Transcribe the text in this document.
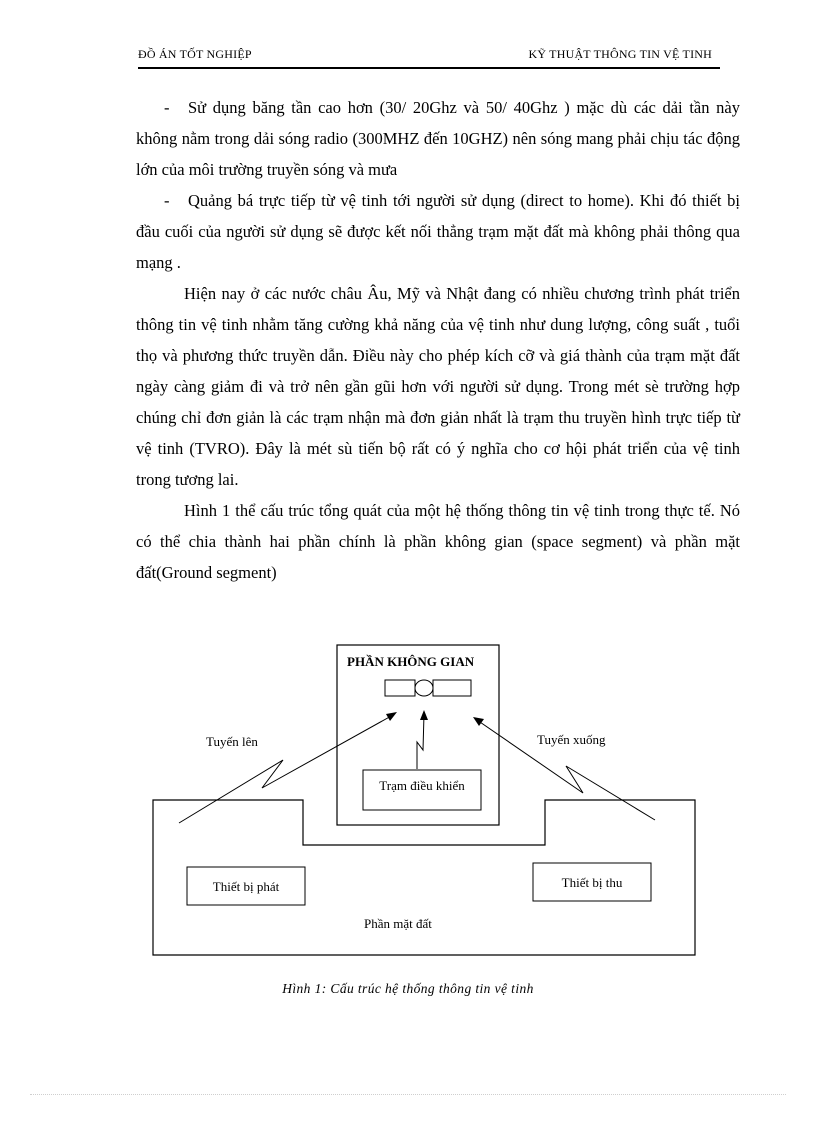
ĐỒ ÁN TỐT NGHIỆP	KỸ THUẬT THÔNG TIN VỆ TINH

- Sử dụng băng tần cao hơn (30/ 20Ghz và 50/ 40Ghz ) mặc dù các dải tần này không nằm trong dải sóng radio (300MHZ đến 10GHZ) nên sóng mang phải chịu tác động lớn của môi trường truyền sóng và mưa

- Quảng bá trực tiếp từ vệ tinh tới người sử dụng (direct to home). Khi đó thiết bị đầu cuối của người sử dụng sẽ được kết nối thẳng trạm mặt đất mà không phải thông qua mạng .

Hiện nay ở các nước châu Âu, Mỹ và Nhật đang có nhiều chương trình phát triển thông tin vệ tinh nhằm tăng cường khả năng của vệ tinh như dung lượng, công suất , tuổi thọ và phương thức truyền dẫn. Điều này cho phép kích cỡ và giá thành của trạm mặt đất ngày càng giảm đi và trở nên gần gũi hơn với người sử dụng. Trong mét sè trường hợp chúng chỉ đơn giản là các trạm nhận mà đơn giản nhất là trạm thu truyền hình trực tiếp từ vệ tinh (TVRO). Đây là mét sù tiến bộ rất có ý nghĩa cho cơ hội phát triển của vệ tinh trong tương lai.

Hình 1 thể cấu trúc tổng quát của một hệ thống thông tin vệ tinh trong thực tế. Nó có thể chia thành hai phần chính là phần không gian (space segment) và phần mặt đất(Ground segment)

PHẦN KHÔNG GIAN
Trạm điều khiển
Tuyến lên	Tuyến xuống
Thiết bị phát	Thiết bị thu
Phần mặt đất
Hình 1: Cấu trúc hệ thống thông tin vệ tinh
